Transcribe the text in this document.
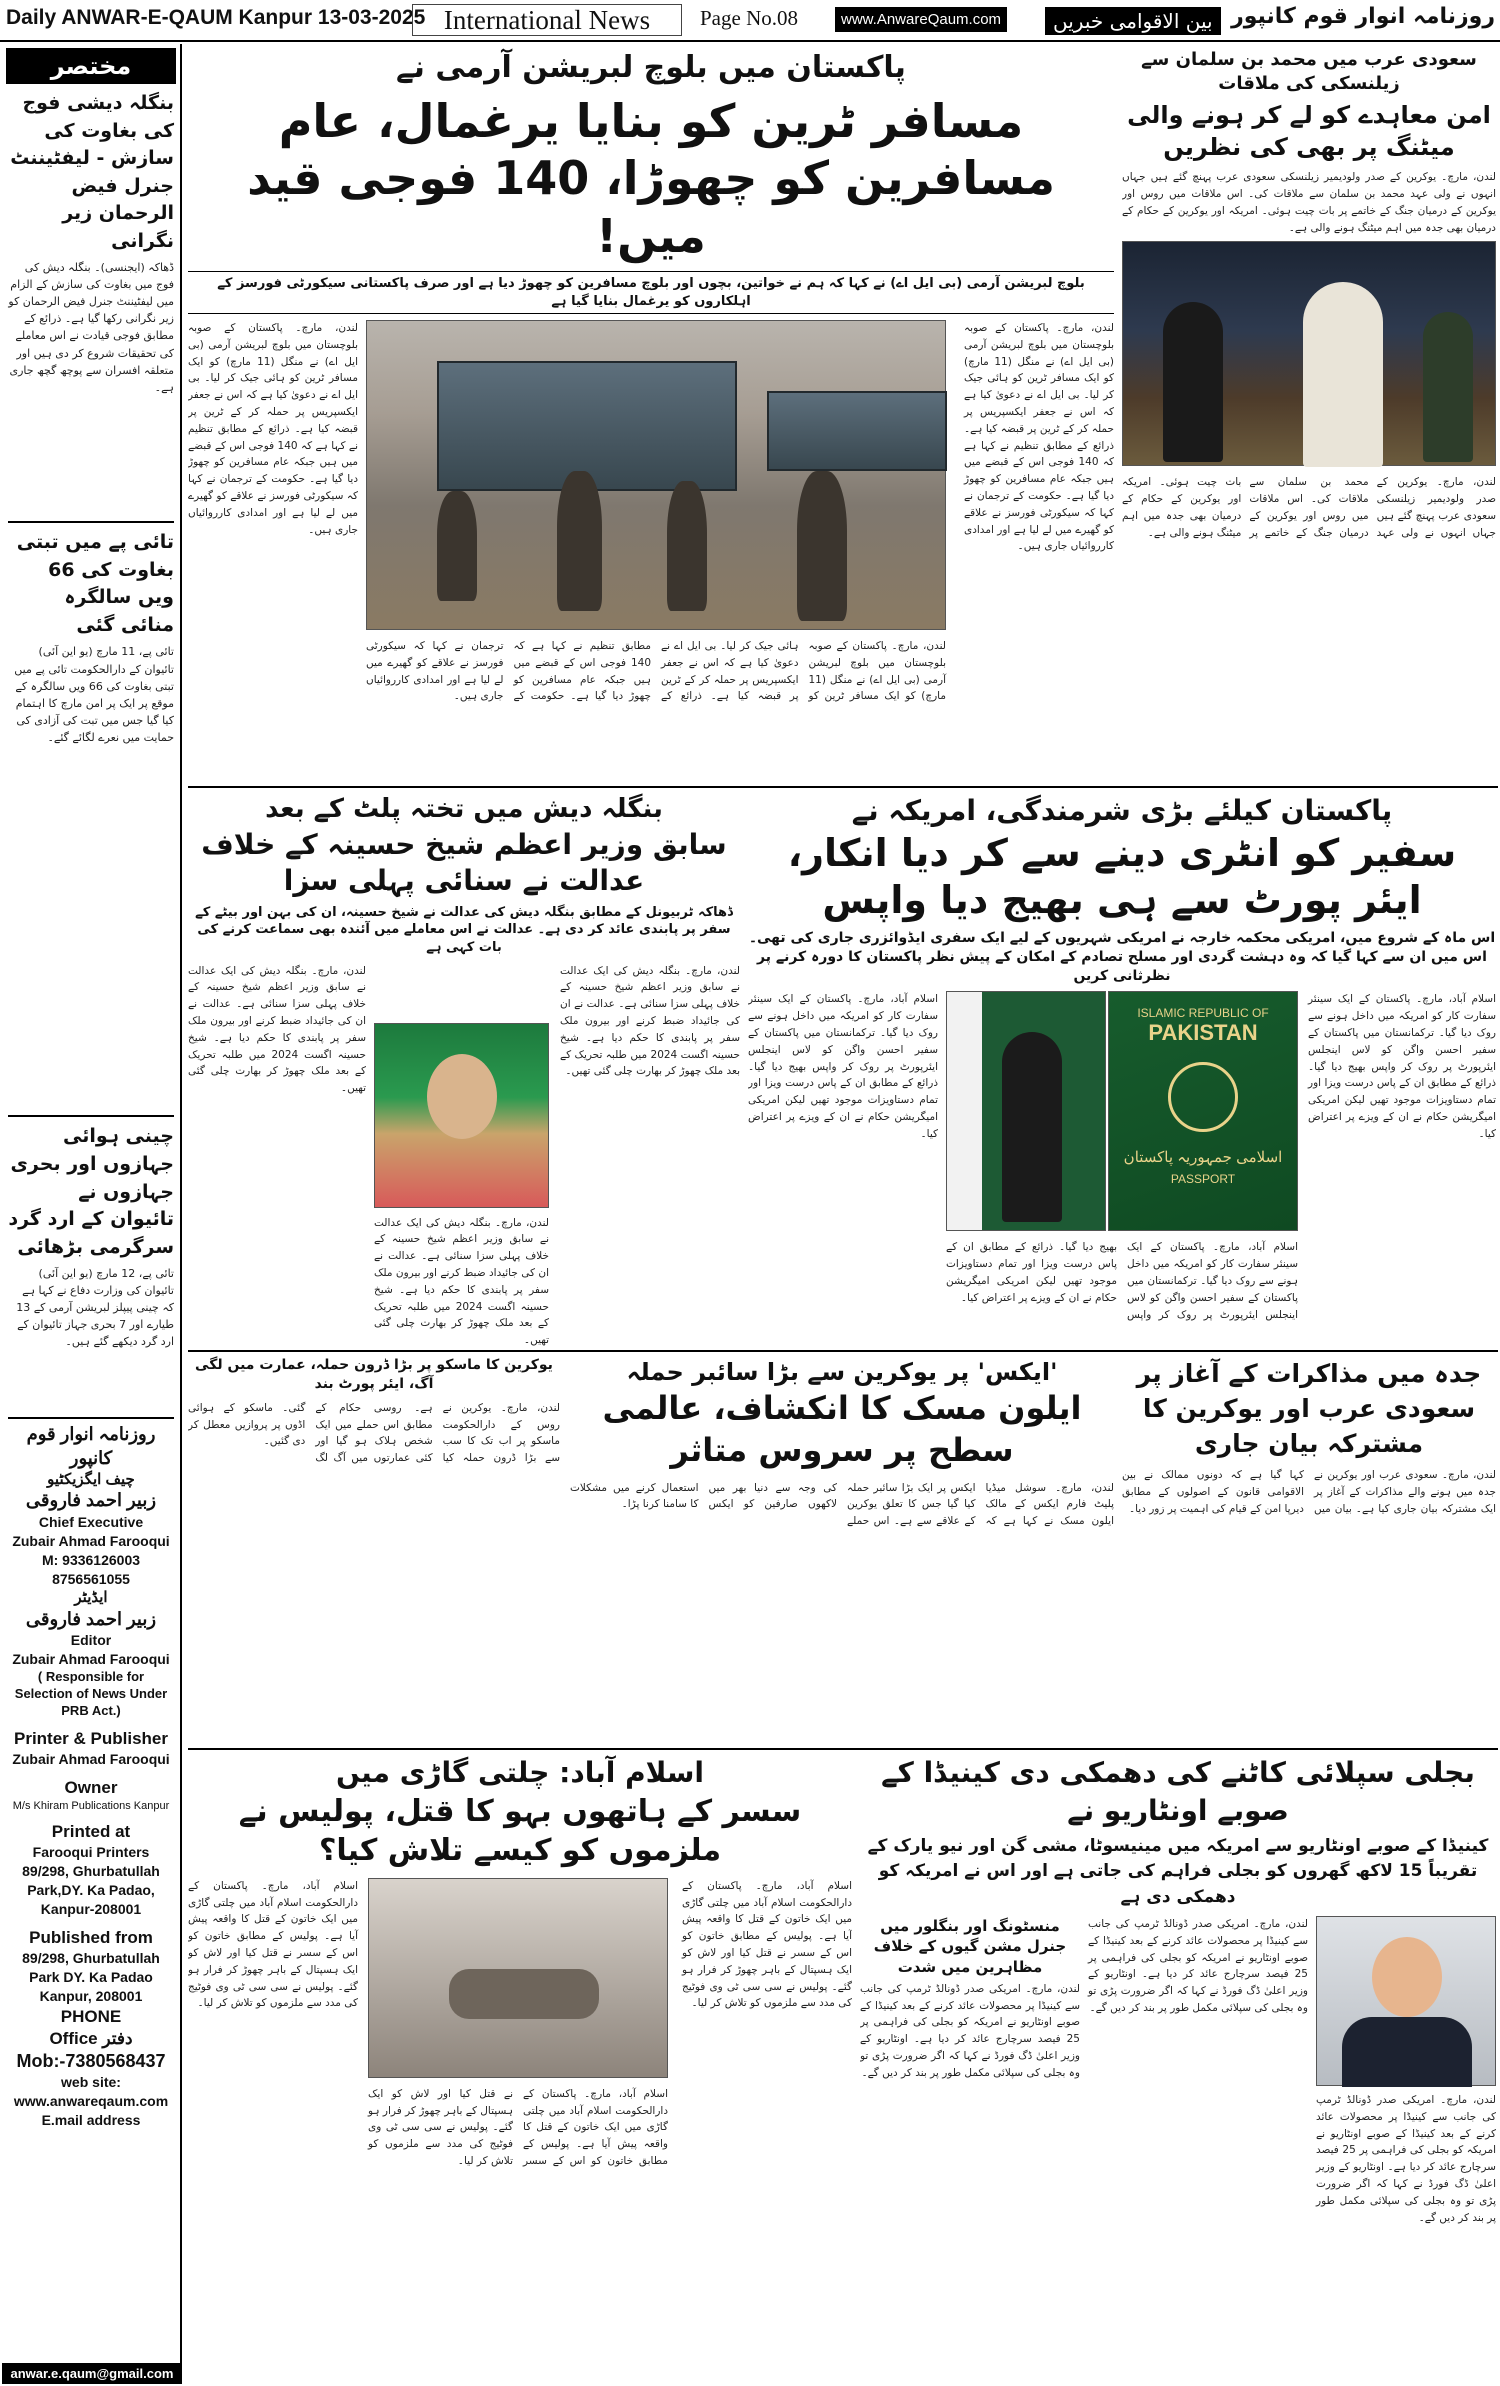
Daily ANWAR-E-QAUM Kanpur 13-03-2025 International News	Page No.08	www.AnwareQaum.com	بین الاقوامی خبریں روزنامہ انوار قوم کانپور
مختصر
بنگلہ دیشی فوج کی بغاوت کی سازش - لیفٹیننٹ جنرل فیض الرحمان زیر نگرانی
ڈھاکہ (ایجنسی)۔ بنگلہ دیش کی فوج میں بغاوت کی سازش کے الزام میں لیفٹیننٹ جنرل فیض الرحمان کو زیر نگرانی رکھا گیا ہے۔ ذرائع کے مطابق فوجی قیادت نے اس معاملے کی تحقیقات شروع کر دی ہیں اور متعلقہ افسران سے پوچھ گچھ جاری ہے۔
تائی پے میں تبتی بغاوت کی 66 ویں سالگرہ منائی گئی
تائی پے، 11 مارچ (یو این آئی) تائیوان کے دارالحکومت تائی پے میں تبتی بغاوت کی 66 ویں سالگرہ کے موقع پر ایک پر امن مارچ کا اہتمام کیا گیا جس میں تبت کی آزادی کی حمایت میں نعرے لگائے گئے۔
چینی ہوائی جہازوں اور بحری جہازوں نے تائیوان کے ارد گرد سرگرمی بڑھائی
تائی پے، 12 مارچ (یو این آئی) تائیوان کی وزارت دفاع نے کہا ہے کہ چینی پیپلز لبریشن آرمی کے 13 طیارے اور 7 بحری جہاز تائیوان کے ارد گرد دیکھے گئے ہیں۔
روزنامہ انوار قوم کانپور
چیف ایگزیکٹیو
زبیر احمد فاروقی
Chief Executive
Zubair Ahmad Farooqui
M: 9336126003
8756561055
ایڈیٹر
زبیر احمد فاروقی
Editor
Zubair Ahmad Farooqui
( Responsible for Selection of News Under PRB Act.)
Printer & Publisher
Zubair Ahmad Farooqui
Owner
M/s Khiram Publications Kanpur
Printed at
Farooqui Printers 89/298, Ghurbatullah Park,DY. Ka Padao, Kanpur-208001
Published from
89/298, Ghurbatullah Park DY. Ka Padao Kanpur, 208001
PHONE
Office دفتر
Mob:-7380568437
web site:
www.anwareqaum.com
E.mail address
anwar.e.qaum@gmail.com
سعودی عرب میں محمد بن سلمان سے زیلنسکی کی ملاقات
امن معاہدے کو لے کر ہونے والی میٹنگ پر بھی کی نظریں
لندن، مارچ۔ یوکرین کے صدر ولودیمیر زیلنسکی سعودی عرب پہنچ گئے ہیں جہاں انہوں نے ولی عہد محمد بن سلمان سے ملاقات کی۔ اس ملاقات میں روس اور یوکرین کے درمیان جنگ کے خاتمے پر بات چیت ہوئی۔ امریکہ اور یوکرین کے حکام کے درمیان بھی جدہ میں اہم میٹنگ ہونے والی ہے۔
لندن، مارچ۔ یوکرین کے صدر ولودیمیر زیلنسکی سعودی عرب پہنچ گئے ہیں جہاں انہوں نے ولی عہد محمد بن سلمان سے ملاقات کی۔ اس ملاقات میں روس اور یوکرین کے درمیان جنگ کے خاتمے پر بات چیت ہوئی۔ امریکہ اور یوکرین کے حکام کے درمیان بھی جدہ میں اہم میٹنگ ہونے والی ہے۔
پاکستان میں بلوچ لبریشن آرمی نے
مسافر ٹرین کو بنایا یرغمال، عام مسافرین کو چھوڑا، 140 فوجی قید میں!
بلوچ لبریشن آرمی (بی ایل اے) نے کہا کہ ہم نے خواتین، بچوں اور بلوچ مسافرین کو چھوڑ دیا ہے اور صرف پاکستانی سیکورٹی فورسز کے اہلکاروں کو یرغمال بنایا گیا ہے
لندن، مارچ۔ پاکستان کے صوبہ بلوچستان میں بلوچ لبریشن آرمی (بی ایل اے) نے منگل (11 مارچ) کو ایک مسافر ٹرین کو ہائی جیک کر لیا۔ بی ایل اے نے دعویٰ کیا ہے کہ اس نے جعفر ایکسپریس پر حملہ کر کے ٹرین پر قبضہ کیا ہے۔ ذرائع کے مطابق تنظیم نے کہا ہے کہ 140 فوجی اس کے قبضے میں ہیں جبکہ عام مسافرین کو چھوڑ دیا گیا ہے۔ حکومت کے ترجمان نے کہا کہ سیکورٹی فورسز نے علاقے کو گھیرے میں لے لیا ہے اور امدادی کارروائیاں جاری ہیں۔
لندن، مارچ۔ پاکستان کے صوبہ بلوچستان میں بلوچ لبریشن آرمی (بی ایل اے) نے منگل (11 مارچ) کو ایک مسافر ٹرین کو ہائی جیک کر لیا۔ بی ایل اے نے دعویٰ کیا ہے کہ اس نے جعفر ایکسپریس پر حملہ کر کے ٹرین پر قبضہ کیا ہے۔ ذرائع کے مطابق تنظیم نے کہا ہے کہ 140 فوجی اس کے قبضے میں ہیں جبکہ عام مسافرین کو چھوڑ دیا گیا ہے۔ حکومت کے ترجمان نے کہا کہ سیکورٹی فورسز نے علاقے کو گھیرے میں لے لیا ہے اور امدادی کارروائیاں جاری ہیں۔
لندن، مارچ۔ پاکستان کے صوبہ بلوچستان میں بلوچ لبریشن آرمی (بی ایل اے) نے منگل (11 مارچ) کو ایک مسافر ٹرین کو ہائی جیک کر لیا۔ بی ایل اے نے دعویٰ کیا ہے کہ اس نے جعفر ایکسپریس پر حملہ کر کے ٹرین پر قبضہ کیا ہے۔ ذرائع کے مطابق تنظیم نے کہا ہے کہ 140 فوجی اس کے قبضے میں ہیں جبکہ عام مسافرین کو چھوڑ دیا گیا ہے۔ حکومت کے ترجمان نے کہا کہ سیکورٹی فورسز نے علاقے کو گھیرے میں لے لیا ہے اور امدادی کارروائیاں جاری ہیں۔
پاکستان کیلئے بڑی شرمندگی، امریکہ نے
سفیر کو انٹری دینے سے کر دیا انکار، ایئر پورٹ سے ہی بھیج دیا واپس
اس ماہ کے شروع میں، امریکی محکمہ خارجہ نے امریکی شہریوں کے لیے ایک سفری ایڈوائزری جاری کی تھی۔ اس میں ان سے کہا گیا کہ وہ دہشت گردی اور مسلح تصادم کے امکان کے پیش نظر پاکستان کا دورہ کرنے پر نظرثانی کریں
اسلام آباد، مارچ۔ پاکستان کے ایک سینئر سفارت کار کو امریکہ میں داخل ہونے سے روک دیا گیا۔ ترکمانستان میں پاکستان کے سفیر احسن واگن کو لاس اینجلس ایئرپورٹ پر روک کر واپس بھیج دیا گیا۔ ذرائع کے مطابق ان کے پاس درست ویزا اور تمام دستاویزات موجود تھیں لیکن امریکی امیگریشن حکام نے ان کے ویزے پر اعتراض کیا۔
ISLAMIC REPUBLIC OF
PAKISTAN
اسلامی جمہوریہ پاکستان
PASSPORT
اسلام آباد، مارچ۔ پاکستان کے ایک سینئر سفارت کار کو امریکہ میں داخل ہونے سے روک دیا گیا۔ ترکمانستان میں پاکستان کے سفیر احسن واگن کو لاس اینجلس ایئرپورٹ پر روک کر واپس بھیج دیا گیا۔ ذرائع کے مطابق ان کے پاس درست ویزا اور تمام دستاویزات موجود تھیں لیکن امریکی امیگریشن حکام نے ان کے ویزے پر اعتراض کیا۔
اسلام آباد، مارچ۔ پاکستان کے ایک سینئر سفارت کار کو امریکہ میں داخل ہونے سے روک دیا گیا۔ ترکمانستان میں پاکستان کے سفیر احسن واگن کو لاس اینجلس ایئرپورٹ پر روک کر واپس بھیج دیا گیا۔ ذرائع کے مطابق ان کے پاس درست ویزا اور تمام دستاویزات موجود تھیں لیکن امریکی امیگریشن حکام نے ان کے ویزے پر اعتراض کیا۔
بنگلہ دیش میں تختہ پلٹ کے بعد
سابق وزیر اعظم شیخ حسینہ کے خلاف عدالت نے سنائی پہلی سزا
ڈھاکہ ٹربیونل کے مطابق بنگلہ دیش کی عدالت نے شیخ حسینہ، ان کی بہن اور بیٹے کے سفر پر پابندی عائد کر دی ہے۔ عدالت نے اس معاملے میں آئندہ بھی سماعت کرنے کی بات کہی ہے
لندن، مارچ۔ بنگلہ دیش کی ایک عدالت نے سابق وزیر اعظم شیخ حسینہ کے خلاف پہلی سزا سنائی ہے۔ عدالت نے ان کی جائیداد ضبط کرنے اور بیرون ملک سفر پر پابندی کا حکم دیا ہے۔ شیخ حسینہ اگست 2024 میں طلبہ تحریک کے بعد ملک چھوڑ کر بھارت چلی گئی تھیں۔
لندن، مارچ۔ بنگلہ دیش کی ایک عدالت نے سابق وزیر اعظم شیخ حسینہ کے خلاف پہلی سزا سنائی ہے۔ عدالت نے ان کی جائیداد ضبط کرنے اور بیرون ملک سفر پر پابندی کا حکم دیا ہے۔ شیخ حسینہ اگست 2024 میں طلبہ تحریک کے بعد ملک چھوڑ کر بھارت چلی گئی تھیں۔
لندن، مارچ۔ بنگلہ دیش کی ایک عدالت نے سابق وزیر اعظم شیخ حسینہ کے خلاف پہلی سزا سنائی ہے۔ عدالت نے ان کی جائیداد ضبط کرنے اور بیرون ملک سفر پر پابندی کا حکم دیا ہے۔ شیخ حسینہ اگست 2024 میں طلبہ تحریک کے بعد ملک چھوڑ کر بھارت چلی گئی تھیں۔
جدہ میں مذاکرات کے آغاز پر سعودی عرب اور یوکرین کا مشترکہ بیان جاری
لندن، مارچ۔ سعودی عرب اور یوکرین نے جدہ میں ہونے والے مذاکرات کے آغاز پر ایک مشترکہ بیان جاری کیا ہے۔ بیان میں کہا گیا ہے کہ دونوں ممالک نے بین الاقوامی قانون کے اصولوں کے مطابق دیرپا امن کے قیام کی اہمیت پر زور دیا۔
'ایکس' پر یوکرین سے بڑا سائبر حملہ
ایلون مسک کا انکشاف، عالمی سطح پر سروس متاثر
لندن، مارچ۔ سوشل میڈیا پلیٹ فارم ایکس کے مالک ایلون مسک نے کہا ہے کہ ایکس پر ایک بڑا سائبر حملہ کیا گیا جس کا تعلق یوکرین کے علاقے سے ہے۔ اس حملے کی وجہ سے دنیا بھر میں لاکھوں صارفین کو ایکس استعمال کرنے میں مشکلات کا سامنا کرنا پڑا۔
یوکرین کا ماسکو پر بڑا ڈرون حملہ، عمارت میں لگی آگ، ایئر پورٹ بند
لندن، مارچ۔ یوکرین نے روس کے دارالحکومت ماسکو پر اب تک کا سب سے بڑا ڈرون حملہ کیا ہے۔ روسی حکام کے مطابق اس حملے میں ایک شخص ہلاک ہو گیا اور کئی عمارتوں میں آگ لگ گئی۔ ماسکو کے ہوائی اڈوں پر پروازیں معطل کر دی گئیں۔
بجلی سپلائی کاٹنے کی دھمکی دی کینیڈا کے صوبے اونٹاریو نے
کینیڈا کے صوبے اونٹاریو سے امریکہ میں مینیسوٹا، مشی گن اور نیو یارک کے تقریباً 15 لاکھ گھروں کو بجلی فراہم کی جاتی ہے اور اس نے امریکہ کو دھمکی دی ہے
لندن، مارچ۔ امریکی صدر ڈونالڈ ٹرمپ کی جانب سے کینیڈا پر محصولات عائد کرنے کے بعد کینیڈا کے صوبے اونٹاریو نے امریکہ کو بجلی کی فراہمی پر 25 فیصد سرچارج عائد کر دیا ہے۔ اونٹاریو کے وزیر اعلیٰ ڈگ فورڈ نے کہا کہ اگر ضرورت پڑی تو وہ بجلی کی سپلائی مکمل طور پر بند کر دیں گے۔
لندن، مارچ۔ امریکی صدر ڈونالڈ ٹرمپ کی جانب سے کینیڈا پر محصولات عائد کرنے کے بعد کینیڈا کے صوبے اونٹاریو نے امریکہ کو بجلی کی فراہمی پر 25 فیصد سرچارج عائد کر دیا ہے۔ اونٹاریو کے وزیر اعلیٰ ڈگ فورڈ نے کہا کہ اگر ضرورت پڑی تو وہ بجلی کی سپلائی مکمل طور پر بند کر دیں گے۔
منسٹونگ اور بنگلور میں جنرل مشن گیوں کے خلاف مظاہرین میں شدت
لندن، مارچ۔ امریکی صدر ڈونالڈ ٹرمپ کی جانب سے کینیڈا پر محصولات عائد کرنے کے بعد کینیڈا کے صوبے اونٹاریو نے امریکہ کو بجلی کی فراہمی پر 25 فیصد سرچارج عائد کر دیا ہے۔ اونٹاریو کے وزیر اعلیٰ ڈگ فورڈ نے کہا کہ اگر ضرورت پڑی تو وہ بجلی کی سپلائی مکمل طور پر بند کر دیں گے۔
اسلام آباد: چلتی گاڑی میں
سسر کے ہاتھوں بہو کا قتل، پولیس نے ملزموں کو کیسے تلاش کیا؟
اسلام آباد، مارچ۔ پاکستان کے دارالحکومت اسلام آباد میں چلتی گاڑی میں ایک خاتون کے قتل کا واقعہ پیش آیا ہے۔ پولیس کے مطابق خاتون کو اس کے سسر نے قتل کیا اور لاش کو ایک ہسپتال کے باہر چھوڑ کر فرار ہو گئے۔ پولیس نے سی سی ٹی وی فوٹیج کی مدد سے ملزموں کو تلاش کر لیا۔
اسلام آباد، مارچ۔ پاکستان کے دارالحکومت اسلام آباد میں چلتی گاڑی میں ایک خاتون کے قتل کا واقعہ پیش آیا ہے۔ پولیس کے مطابق خاتون کو اس کے سسر نے قتل کیا اور لاش کو ایک ہسپتال کے باہر چھوڑ کر فرار ہو گئے۔ پولیس نے سی سی ٹی وی فوٹیج کی مدد سے ملزموں کو تلاش کر لیا۔
اسلام آباد، مارچ۔ پاکستان کے دارالحکومت اسلام آباد میں چلتی گاڑی میں ایک خاتون کے قتل کا واقعہ پیش آیا ہے۔ پولیس کے مطابق خاتون کو اس کے سسر نے قتل کیا اور لاش کو ایک ہسپتال کے باہر چھوڑ کر فرار ہو گئے۔ پولیس نے سی سی ٹی وی فوٹیج کی مدد سے ملزموں کو تلاش کر لیا۔
